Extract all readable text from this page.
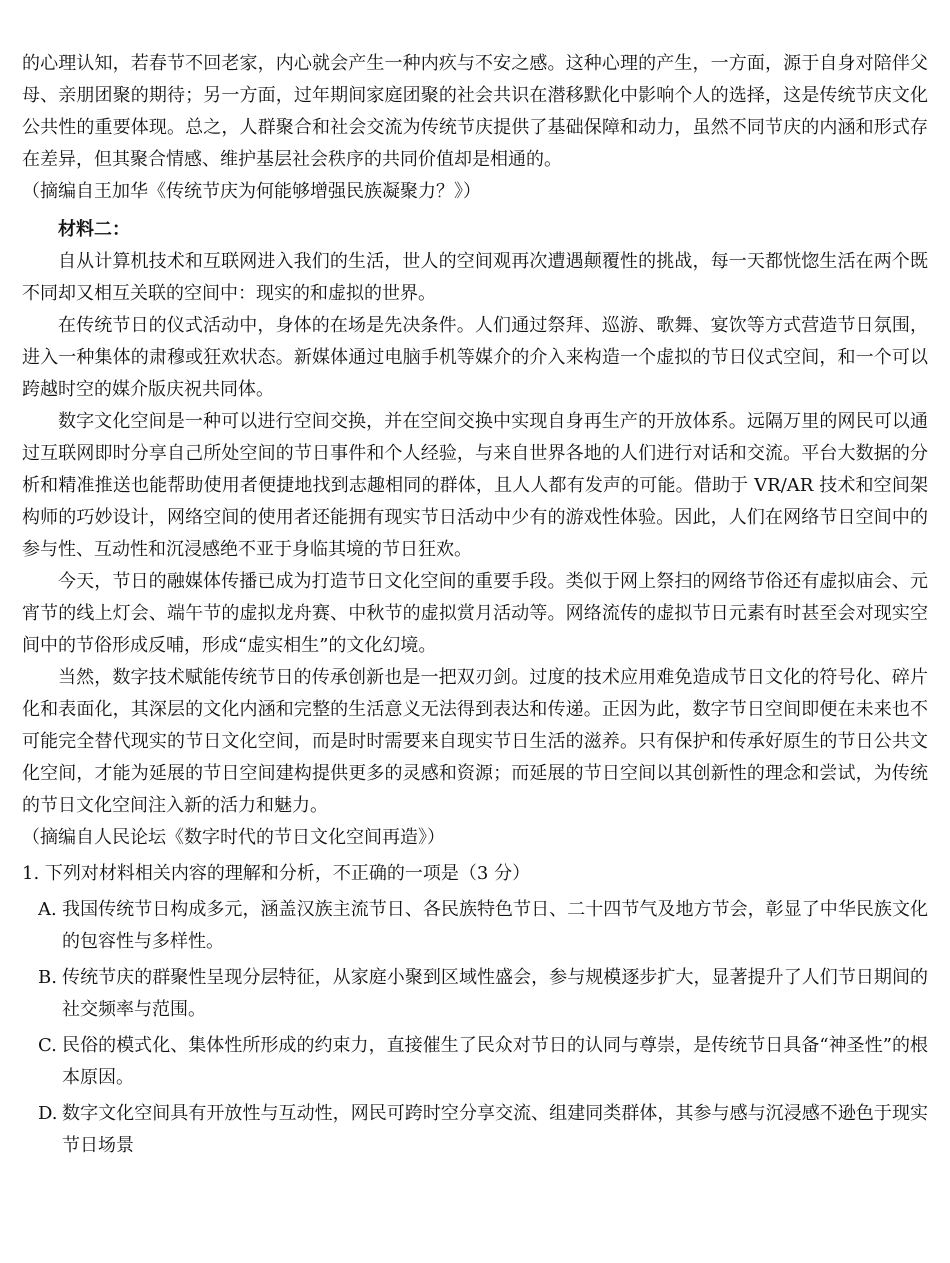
的心理认知，若春节不回老家，内心就会产生一种内疚与不安之感。这种心理的产生，一方面，源于自身对陪伴父母、亲朋团聚的期待；另一方面，过年期间家庭团聚的社会共识在潜移默化中影响个人的选择，这是传统节庆文化公共性的重要体现。总之，人群聚合和社会交流为传统节庆提供了基础保障和动力，虽然不同节庆的内涵和形式存在差异，但其聚合情感、维护基层社会秩序的共同价值却是相通的。

（摘编自王加华《传统节庆为何能够增强民族凝聚力？》）

材料二：

自从计算机技术和互联网进入我们的生活，世人的空间观再次遭遇颠覆性的挑战，每一天都恍惚生活在两个既不同却又相互关联的空间中：现实的和虚拟的世界。

在传统节日的仪式活动中，身体的在场是先决条件。人们通过祭拜、巡游、歌舞、宴饮等方式营造节日氛围，进入一种集体的肃穆或狂欢状态。新媒体通过电脑手机等媒介的介入来构造一个虚拟的节日仪式空间，和一个可以跨越时空的媒介版庆祝共同体。

数字文化空间是一种可以进行空间交换，并在空间交换中实现自身再生产的开放体系。远隔万里的网民可以通过互联网即时分享自己所处空间的节日事件和个人经验，与来自世界各地的人们进行对话和交流。平台大数据的分析和精准推送也能帮助使用者便捷地找到志趣相同的群体，且人人都有发声的可能。借助于 VR/AR 技术和空间架构师的巧妙设计，网络空间的使用者还能拥有现实节日活动中少有的游戏性体验。因此，人们在网络节日空间中的参与性、互动性和沉浸感绝不亚于身临其境的节日狂欢。

今天，节日的融媒体传播已成为打造节日文化空间的重要手段。类似于网上祭扫的网络节俗还有虚拟庙会、元宵节的线上灯会、端午节的虚拟龙舟赛、中秋节的虚拟赏月活动等。网络流传的虚拟节日元素有时甚至会对现实空间中的节俗形成反哺，形成“虚实相生”的文化幻境。

当然，数字技术赋能传统节日的传承创新也是一把双刃剑。过度的技术应用难免造成节日文化的符号化、碎片化和表面化，其深层的文化内涵和完整的生活意义无法得到表达和传递。正因为此，数字节日空间即便在未来也不可能完全替代现实的节日文化空间，而是时时需要来自现实节日生活的滋养。只有保护和传承好原生的节日公共文化空间，才能为延展的节日空间建构提供更多的灵感和资源；而延展的节日空间以其创新性的理念和尝试，为传统的节日文化空间注入新的活力和魅力。

（摘编自人民论坛《数字时代的节日文化空间再造》）

1. 下列对材料相关内容的理解和分析，不正确的一项是（3 分）

A. 我国传统节日构成多元，涵盖汉族主流节日、各民族特色节日、二十四节气及地方节会，彰显了中华民族文化的包容性与多样性。

B. 传统节庆的群聚性呈现分层特征，从家庭小聚到区域性盛会，参与规模逐步扩大，显著提升了人们节日期间的社交频率与范围。

C. 民俗的模式化、集体性所形成的约束力，直接催生了民众对节日的认同与尊崇，是传统节日具备“神圣性”的根本原因。

D. 数字文化空间具有开放性与互动性，网民可跨时空分享交流、组建同类群体，其参与感与沉浸感不逊色于现实节日场景
